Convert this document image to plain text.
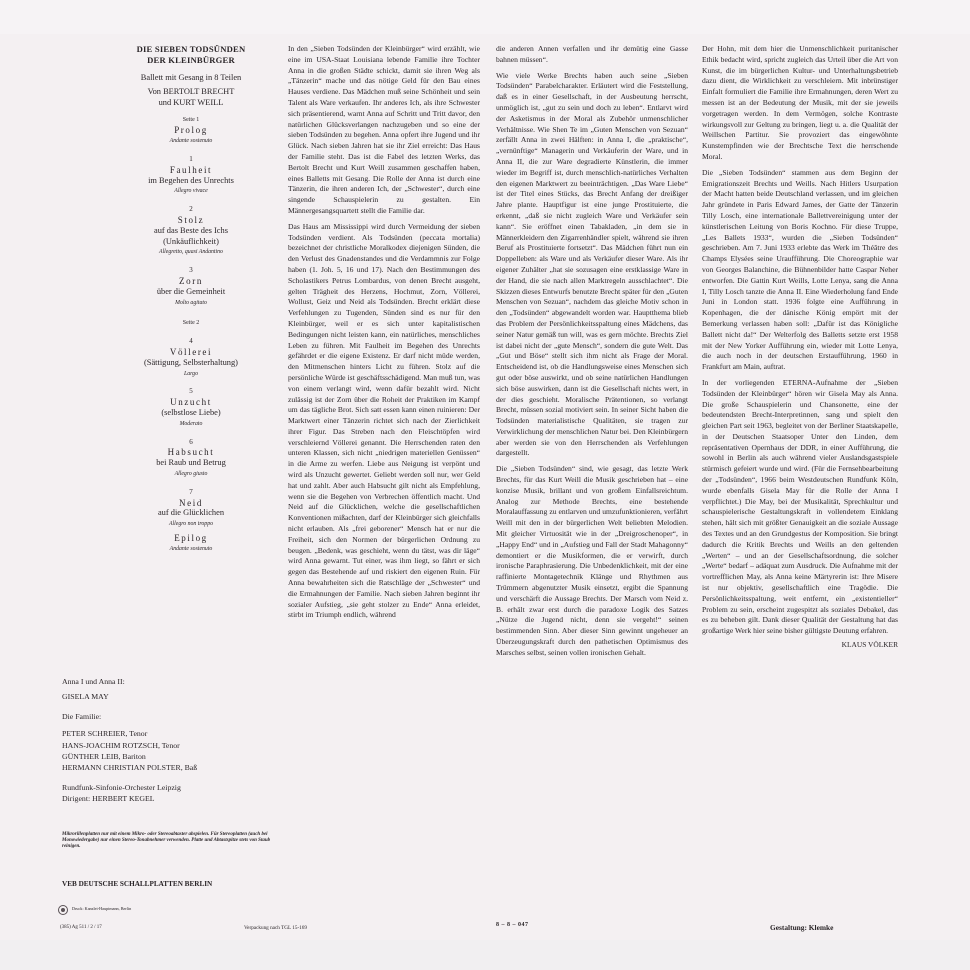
DIE SIEBEN TODSÜNDEN
DER KLEINBÜRGER
Ballett mit Gesang in 8 Teilen
Von BERTOLT BRECHT
und KURT WEILL
Seite 1
Prolog
Andante sostenuto
1
Faulheit
im Begehen des Unrechts
Allegro vivace
2
Stolz
auf das Beste des Ichs
(Unkäuflichkeit)
Allegretto, quasi Andantino
3
Zorn
über die Gemeinheit
Molto agitato
Seite 2
4
Völlerei
(Sättigung, Selbsterhaltung)
Largo
5
Unzucht
(selbstlose Liebe)
Moderato
6
Habsucht
bei Raub und Betrug
Allegro giusto
7
Neid
auf die Glücklichen
Allegro non troppo
Epilog
Andante sostenuto
Anna I und Anna II:
GISELA MAY
Die Familie:
PETER SCHREIER, Tenor
HANS-JOACHIM ROTZSCH, Tenor
GÜNTHER LEIB, Bariton
HERMANN CHRISTIAN POLSTER, Baß
Rundfunk-Sinfonie-Orchester Leipzig
Dirigent: HERBERT KEGEL
Mikrorillenplatten nur mit einem Mikro- oder Stereoabtaster abspielen. Für Stereoplatten (auch bei Monowiedergabe) nur einen Stereo-Tonabnehmer verwenden. Platte und Abtastspitze stets von Staub reinigen.
VEB DEUTSCHE SCHALLPLATTEN BERLIN

In den „Sieben Todsünden der Kleinbürger“ wird erzählt, wie eine im USA-Staat Louisiana lebende Familie ihre Tochter Anna in die großen Städte schickt, damit sie ihren Weg als „Tänzerin“ mache und das nötige Geld für den Bau eines Hauses verdiene. Das Mädchen muß seine Schönheit und sein Talent als Ware verkaufen. Ihr anderes Ich, als ihre Schwester sich präsentierend, warnt Anna auf Schritt und Tritt davor, den natürlichen Glücksverlangen nachzugeben und so eine der sieben Todsünden zu begehen. Anna opfert ihre Jugend und ihr Glück. Nach sieben Jahren hat sie ihr Ziel erreicht: Das Haus der Familie steht. Das ist die Fabel des letzten Werks, das Bertolt Brecht und Kurt Weill zusammen geschaffen haben, eines Balletts mit Gesang. Die Rolle der Anna ist durch eine Tänzerin, die ihren anderen Ich, der „Schwester“, durch eine singende Schauspielerin zu gestalten. Ein Männergesangsquartett stellt die Familie dar.

Das Haus am Mississippi wird durch Vermeidung der sieben Todsünden verdient. Als Todsünden (peccata mortalia) bezeichnet der christliche Moralkodex diejenigen Sünden, die den Verlust des Gnadenstandes und die Verdammnis zur Folge haben (1. Joh. 5, 16 und 17). Nach den Bestimmungen des Scholastikers Petrus Lombardus, von denen Brecht ausgeht, gelten Trägheit des Herzens, Hochmut, Zorn, Völlerei, Wollust, Geiz und Neid als Todsünden. Brecht erklärt diese Verfehlungen zu Tugenden, Sünden sind es nur für den Kleinbürger, weil er es sich unter kapitalistischen Bedingungen nicht leisten kann, ein natürliches, menschliches Leben zu führen. Mit Faulheit im Begehen des Unrechts gefährdet er die eigene Existenz. Er darf nicht müde werden, den Mitmenschen hinters Licht zu führen. Stolz auf die persönliche Würde ist geschäftsschädigend. Man muß tun, was von einem verlangt wird, wenn dafür bezahlt wird. Nicht zulässig ist der Zorn über die Roheit der Praktiken im Kampf um das tägliche Brot. Sich satt essen kann einen ruinieren: Der Marktwert einer Tänzerin richtet sich nach der Zierlichkeit ihrer Figur. Das Streben nach den Fleischtöpfen wird verschleiernd Völlerei genannt. Die Herrschenden raten den unteren Klassen, sich nicht „niedrigen materiellen Genüssen“ in die Arme zu werfen. Liebe aus Neigung ist verpönt und wird als Unzucht gewertet. Geliebt werden soll nur, wer Geld hat und zahlt. Aber auch Habsucht gilt nicht als Empfehlung, wenn sie die Begehen von Verbrechen öffentlich macht. Und Neid auf die Glücklichen, welche die gesellschaftlichen Konventionen mißachten, darf der Kleinbürger sich gleichfalls nicht erlauben. Als „frei geborener“ Mensch hat er nur die Freiheit, sich den Normen der bürgerlichen Ordnung zu beugen. „Bedenk, was geschieht, wenn du tätst, was dir läge“ wird Anna gewarnt. Tut einer, was ihm liegt, so fährt er sich gegen das Bestehende auf und riskiert den eigenen Ruin. Für Anna bewahrheiten sich die Ratschläge der „Schwester“ und die Ermahnungen der Familie. Nach sieben Jahren beginnt ihr sozialer Aufstieg, „sie geht stolzer zu Ende“ Anna erleidet, stirbt im Triumph endlich, während

die anderen Annen verfallen und ihr demütig eine Gasse bahnen müssen“.

Wie viele Werke Brechts haben auch seine „Sieben Todsünden“ Parabelcharakter. Erläutert wird die Feststellung, daß es in einer Gesellschaft, in der Ausbeutung herrscht, unmöglich ist, „gut zu sein und doch zu leben“. Entlarvt wird der Asketismus in der Moral als Zubehör unmenschlicher Verhältnisse. Wie Shen Te im „Guten Menschen von Sezuan“ zerfällt Anna in zwei Hälften: in Anna I, die „praktische“, „vernünftige“ Managerin und Verkäuferin der Ware, und in Anna II, die zur Ware degradierte Künstlerin, die immer wieder im Begriff ist, durch menschlich-natürliches Verhalten den eigenen Marktwert zu beeinträchtigen. „Das Ware Liebe“ ist der Titel eines Stücks, das Brecht Anfang der dreißiger Jahre plante. Hauptfigur ist eine junge Prostituierte, die erkennt, „daß sie nicht zugleich Ware und Verkäufer sein kann“. Sie eröffnet einen Tabakladen, „in dem sie in Männerkleidern den Zigarrenhändler spielt, während sie ihren Beruf als Prostituierte fortsetzt“. Das Mädchen führt nun ein Doppelleben: als Ware und als Verkäufer dieser Ware. Als ihr eigener Zuhälter „hat sie sozusagen eine erstklassige Ware in der Hand, die sie nach allen Marktregeln ausschlachtet“. Die Skizzen dieses Entwurfs benutzte Brecht später für den „Guten Menschen von Sezuan“, nachdem das gleiche Motiv schon in den „Todsünden“ abgewandelt worden war. Hauptthema blieb das Problem der Persönlichkeitsspaltung eines Mädchens, das seiner Natur gemäß tun will, was es gern möchte. Brechts Ziel ist dabei nicht der „gute Mensch“, sondern die gute Welt. Das „Gut und Böse“ stellt sich ihm nicht als Frage der Moral. Entscheidend ist, ob die Handlungsweise eines Menschen sich gut oder böse auswirkt, und ob seine natürlichen Handlungen sich böse auswirken, dann ist die Gesellschaft nichts wert, in der dies geschieht. Moralische Prätentionen, so verlangt Brecht, müssen sozial motiviert sein. In seiner Sicht haben die Todsünden materialistische Qualitäten, sie tragen zur Verwirklichung der menschlichen Natur bei. Den Kleinbürgern aber werden sie von den Herrschenden als Verfehlungen dargestellt.

Die „Sieben Todsünden“ sind, wie gesagt, das letzte Werk Brechts, für das Kurt Weill die Musik geschrieben hat – eine konzise Musik, brillant und von großem Einfallsreichtum. Analog zur Methode Brechts, eine bestehende Moralauffassung zu entlarven und umzufunktionieren, verfährt Weill mit den in der bürgerlichen Welt beliebten Melodien. Mit gleicher Virtuosität wie in der „Dreigroschenoper“, in „Happy End“ und in „Aufstieg und Fall der Stadt Mahagonny“ demontiert er die Musikformen, die er verwirft, durch ironische Paraphrasierung. Die Unbedenklichkeit, mit der eine raffinierte Montagetechnik Klänge und Rhythmen aus Trümmern abgenutzter Musik einsetzt, ergibt die Spannung und verschärft die Aussage Brechts. Der Marsch vom Neid z. B. erhält zwar erst durch die paradoxe Logik des Satzes „Nütze die Jugend nicht, denn sie vergeht!“ seinen bestimmenden Sinn. Aber dieser Sinn gewinnt ungeheuer an Überzeugungskraft durch den pathetischen Optimismus des Marsches selbst, seinen vollen ironischen Gehalt.

Der Hohn, mit dem hier die Unmenschlichkeit puritanischer Ethik bedacht wird, spricht zugleich das Urteil über die Art von Kunst, die im bürgerlichen Kultur- und Unterhaltungsbetrieb dazu dient, die Wirklichkeit zu verschleiern. Mit inbrünstiger Einfalt formuliert die Familie ihre Ermahnungen, deren Wert zu messen ist an der Bedeutung der Musik, mit der sie jeweils vorgetragen werden. In dem Vermögen, solche Kontraste wirkungsvoll zur Geltung zu bringen, liegt u. a. die Qualität der Weillschen Partitur. Sie provoziert das eingewöhnte Kunstempfinden wie der Brechtsche Text die herrschende Moral.

Die „Sieben Todsünden“ stammen aus dem Beginn der Emigrationszeit Brechts und Weills. Nach Hitlers Usurpation der Macht hatten beide Deutschland verlassen, und im gleichen Jahr gründete in Paris Edward James, der Gatte der Tänzerin Tilly Losch, eine internationale Ballettvereinigung unter der künstlerischen Leitung von Boris Kochno. Für diese Truppe, „Les Ballets 1933“, wurden die „Sieben Todsünden“ geschrieben. Am 7. Juni 1933 erlebte das Werk im Théâtre des Champs Elysées seine Uraufführung. Die Choreographie war von Georges Balanchine, die Bühnenbilder hatte Caspar Neher entworfen. Die Gattin Kurt Weills, Lotte Lenya, sang die Anna I, Tilly Losch tanzte die Anna II. Eine Wiederholung fand Ende Juni in London statt. 1936 folgte eine Aufführung in Kopenhagen, die der dänische König empört mit der Bemerkung verlassen haben soll: „Dafür ist das Königliche Ballett nicht da!“ Der Welterfolg des Balletts setzte erst 1958 mit der New Yorker Aufführung ein, wieder mit Lotte Lenya, die auch noch in der deutschen Erstaufführung, 1960 in Frankfurt am Main, auftrat.

In der vorliegenden ETERNA-Aufnahme der „Sieben Todsünden der Kleinbürger“ hören wir Gisela May als Anna. Die große Schauspielerin und Chansonette, eine der bedeutendsten Brecht-Interpretinnen, sang und spielt den gleichen Part seit 1963, begleitet von der Berliner Staatskapelle, in der Deutschen Staatsoper Unter den Linden, dem repräsentativen Opernhaus der DDR, in einer Aufführung, die sowohl in Berlin als auch während vieler Auslandsgastspiele stürmisch gefeiert wurde und wird. (Für die Fernsehbearbeitung der „Todsünden“, 1966 beim Westdeutschen Rundfunk Köln, wurde ebenfalls Gisela May für die Rolle der Anna I verpflichtet.) Die May, bei der Musikalität, Sprechkultur und schauspielerische Gestaltungskraft in vollendetem Einklang stehen, hält sich mit größter Genauigkeit an die soziale Aussage des Textes und an den Grundgestus der Komposition. Sie bringt dadurch die Kritik Brechts und Weills an den geltenden „Werten“ – und an der Gesellschaftsordnung, die solcher „Werte“ bedarf – adäquat zum Ausdruck. Die Aufnahme mit der vortrefflichen May, als Anna keine Märtyrerin ist: Ihre Misere ist nur objektiv, gesellschaftlich eine Tragödie. Die Persönlichkeitsspaltung, weit entfernt, ein „existentieller“ Problem zu sein, erscheint zugespitzt als soziales Debakel, das es zu beheben gilt. Dank dieser Qualität der Gestaltung hat das großartige Werk hier seine bisher gültigste Deutung erfahren.

KLAUS VÖLKER
Druck: Kanzlei-Hauptmann, Berlin
(385) Ag 511 / 2 / 17	Verpackung nach TGL 15-169	8 – 8 – 047	Gestaltung: Klemke
